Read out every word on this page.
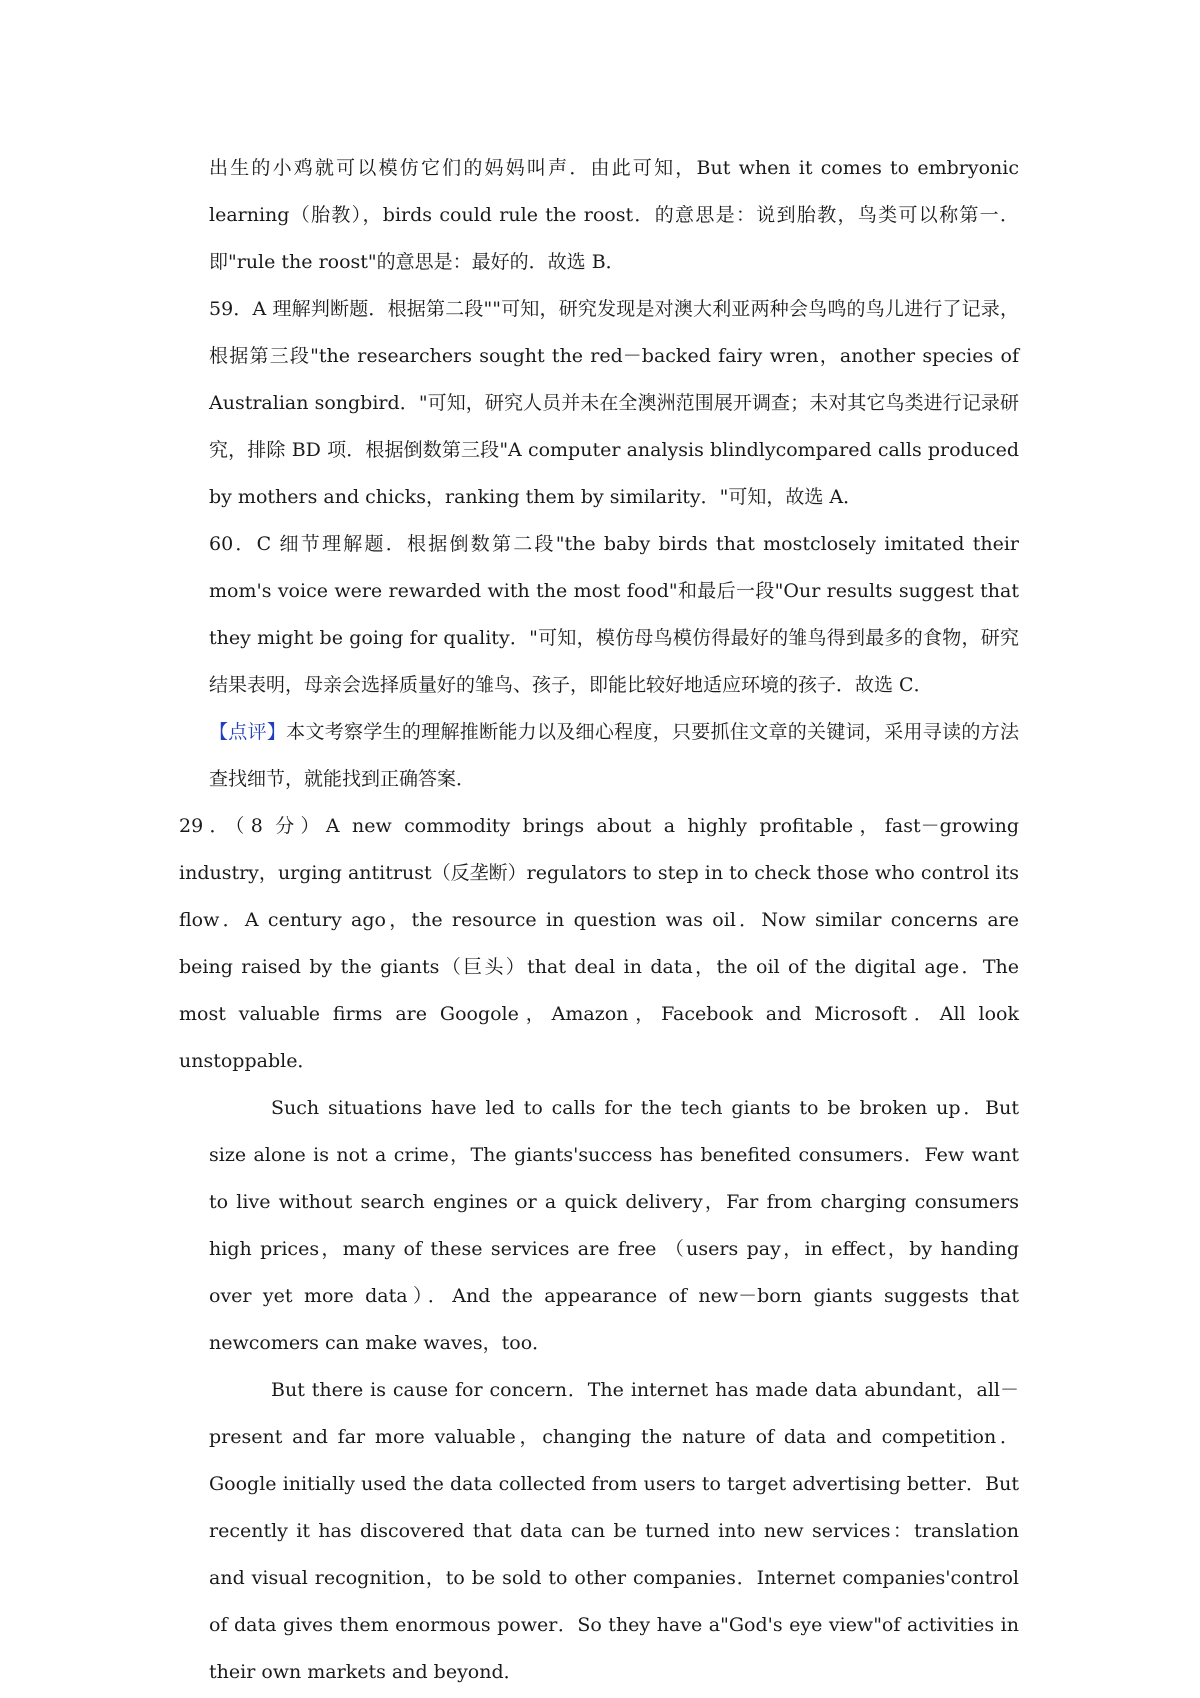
出生的小鸡就可以模仿它们的妈妈叫声．由此可知，But when it comes to embryonic learning（胎教），birds could rule the roost．的意思是：说到胎教，鸟类可以称第一．即"rule the roost"的意思是：最好的．故选 B．

59．A 理解判断题．根据第二段""可知，研究发现是对澳大利亚两种会鸟鸣的鸟儿进行了记录，根据第三段"the researchers sought the red－backed fairy wren，another species of Australian songbird．"可知，研究人员并未在全澳洲范围展开调查；未对其它鸟类进行记录研究，排除 BD 项．根据倒数第三段"A computer analysis blindlycompared calls produced by mothers and chicks，ranking them by similarity．"可知，故选 A．

60．C 细节理解题．根据倒数第二段"the baby birds that mostclosely imitated their mom's voice were rewarded with the most food"和最后一段"Our results suggest that they might be going for quality．"可知，模仿母鸟模仿得最好的雏鸟得到最多的食物，研究结果表明，母亲会选择质量好的雏鸟、孩子，即能比较好地适应环境的孩子．故选 C．

【点评】本文考察学生的理解推断能力以及细心程度，只要抓住文章的关键词，采用寻读的方法查找细节，就能找到正确答案．

29．（8 分）A new commodity brings about a highly profitable，fast－growing industry，urging antitrust（反垄断）regulators to step in to check those who control its flow．A century ago，the resource in question was oil．Now similar concerns are being raised by the giants（巨头）that deal in data，the oil of the digital age．The most valuable firms are Googole，Amazon，Facebook and Microsoft．All look unstoppable．

Such situations have led to calls for the tech giants to be broken up．But size alone is not a crime，The giants'success has benefited consumers．Few want to live without search engines or a quick delivery，Far from charging consumers high prices，many of these services are free （users pay，in effect，by handing over yet more data）．And the appearance of new－born giants suggests that newcomers can make waves，too．

But there is cause for concern．The internet has made data abundant，all－present and far more valuable，changing the nature of data and competition．Google initially used the data collected from users to target advertising better．But recently it has discovered that data can be turned into new services：translation and visual recognition，to be sold to other companies．Internet companies'control of data gives them enormous power．So they have a"God's eye view"of activities in their own markets and beyond．
